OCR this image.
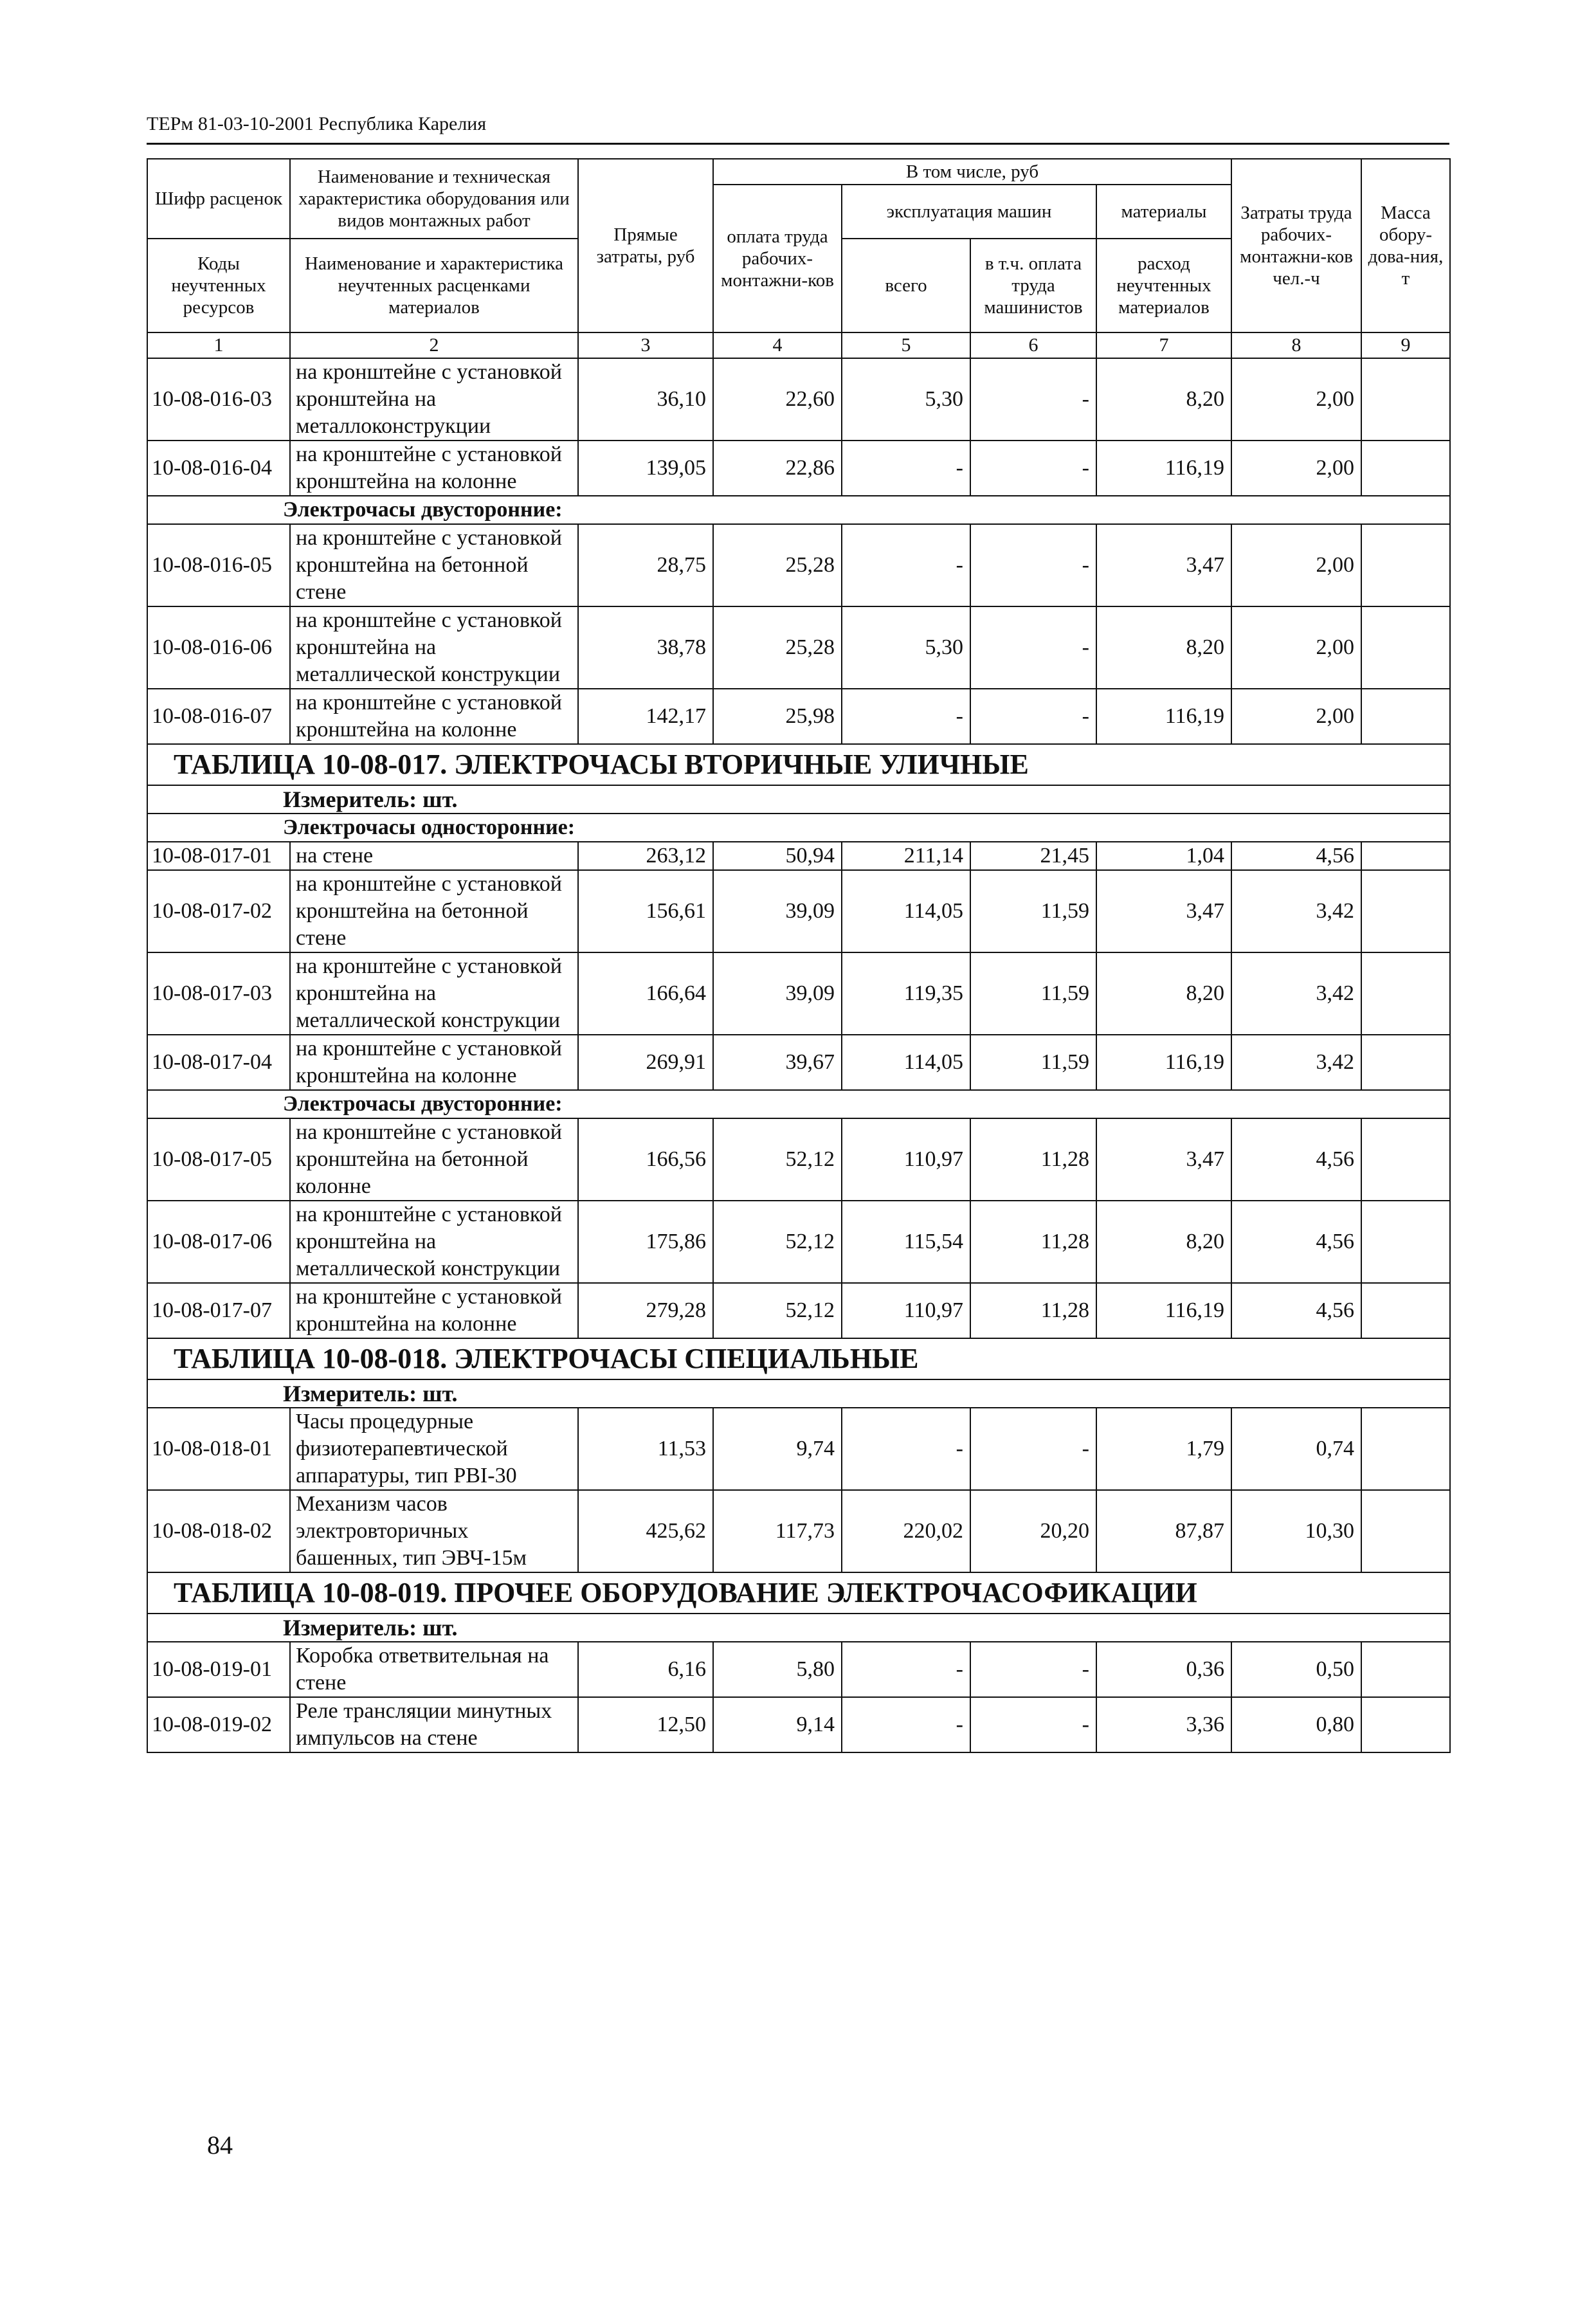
ТЕРм 81-03-10-2001 Республика Карелия
Шифр расценок	Наименование и техническая характеристика оборудования или видов монтажных работ	Прямые затраты, руб	В том числе, руб				Затраты труда рабочих-монтажни-ков чел.-ч	Масса обору-дова-ния, т
			оплата труда рабочих-монтажни-ков	эксплуатация машин		материалы		
Коды неучтенных ресурсов	Наименование и характеристика неучтенных расценками материалов			всего	в т.ч. оплата труда машинистов	расход неучтенных материалов		

1	2	3	4	5	6	7	8	9
10-08-016-03	на кронштейне с установкой кронштейна на металлоконструкции	36,10	22,60	5,30	-	8,20	2,00	
10-08-016-04	на кронштейне с установкой кронштейна на колонне	139,05	22,86	-	-	116,19	2,00	
Электрочасы двусторонние:								
10-08-016-05	на кронштейне с установкой кронштейна на бетонной стене	28,75	25,28	-	-	3,47	2,00	
10-08-016-06	на кронштейне с установкой кронштейна на металлической конструкции	38,78	25,28	5,30	-	8,20	2,00	
10-08-016-07	на кронштейне с установкой кронштейна на колонне	142,17	25,98	-	-	116,19	2,00	
ТАБЛИЦА 10-08-017. ЭЛЕКТРОЧАСЫ ВТОРИЧНЫЕ УЛИЧНЫЕ								
Измеритель: шт.								
Электрочасы односторонние:								
10-08-017-01	на стене	263,12	50,94	211,14	21,45	1,04	4,56	
10-08-017-02	на кронштейне с установкой кронштейна на бетонной стене	156,61	39,09	114,05	11,59	3,47	3,42	
10-08-017-03	на кронштейне с установкой кронштейна на металлической конструкции	166,64	39,09	119,35	11,59	8,20	3,42	
10-08-017-04	на кронштейне с установкой кронштейна на колонне	269,91	39,67	114,05	11,59	116,19	3,42	
Электрочасы двусторонние:								
10-08-017-05	на кронштейне с установкой кронштейна на бетонной колонне	166,56	52,12	110,97	11,28	3,47	4,56	
10-08-017-06	на кронштейне с установкой кронштейна на металлической конструкции	175,86	52,12	115,54	11,28	8,20	4,56	
10-08-017-07	на кронштейне с установкой кронштейна на колонне	279,28	52,12	110,97	11,28	116,19	4,56	
ТАБЛИЦА 10-08-018. ЭЛЕКТРОЧАСЫ СПЕЦИАЛЬНЫЕ								
Измеритель: шт.								
10-08-018-01	Часы процедурные физиотерапевтической аппаратуры, тип РВI-30	11,53	9,74	-	-	1,79	0,74	
10-08-018-02	Механизм часов электровторичных башенных, тип ЭВЧ-15м	425,62	117,73	220,02	20,20	87,87	10,30	
ТАБЛИЦА 10-08-019. ПРОЧЕЕ ОБОРУДОВАНИЕ ЭЛЕКТРОЧАСОФИКАЦИИ								
Измеритель: шт.								
10-08-019-01	Коробка ответвительная на стене	6,16	5,80	-	-	0,36	0,50	
10-08-019-02	Реле трансляции минутных импульсов на стене	12,50	9,14	-	-	3,36	0,80	
84
